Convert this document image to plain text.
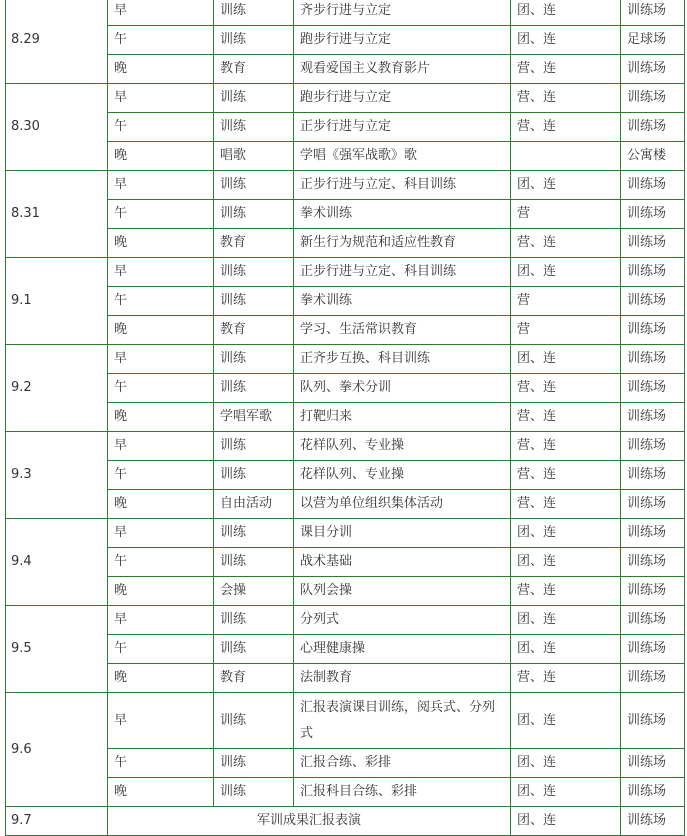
8.29	早	训练	齐步行进与立定	团、连	训练场
	午	训练	跑步行进与立定	团、连	足球场
	晚	教育	观看爱国主义教育影片	营、连	训练场
8.30	早	训练	跑步行进与立定	营、连	训练场
	午	训练	正步行进与立定	营、连	训练场
	晚	唱歌	学唱《强军战歌》歌		公寓楼
8.31	早	训练	正步行进与立定、科目训练	团、连	训练场
	午	训练	拳术训练	营	训练场
	晚	教育	新生行为规范和适应性教育	营、连	训练场
9.1	早	训练	正步行进与立定、科目训练	团、连	训练场
	午	训练	拳术训练	营	训练场
	晚	教育	学习、生活常识教育	营	训练场
9.2	早	训练	正齐步互换、科目训练	团、连	训练场
	午	训练	队列、拳术分训	营、连	训练场
	晚	学唱军歌	打靶归来	营、连	训练场
9.3	早	训练	花样队列、专业操	营、连	训练场
	午	训练	花样队列、专业操	营、连	训练场
	晚	自由活动	以营为单位组织集体活动	营、连	训练场
9.4	早	训练	课目分训	团、连	训练场
	午	训练	战术基础	团、连	训练场
	晚	会操	队列会操	营、连	训练场
9.5	早	训练	分列式	团、连	训练场
	午	训练	心理健康操	团、连	训练场
	晚	教育	法制教育	营、连	训练场
9.6	早	训练	汇报表演课目训练，阅兵式、分列式	团、连	训练场
	午	训练	汇报合练、彩排	团、连	训练场
	晚	训练	汇报科目合练、彩排	团、连	训练场
9.7	军训成果汇报表演			团、连	训练场
